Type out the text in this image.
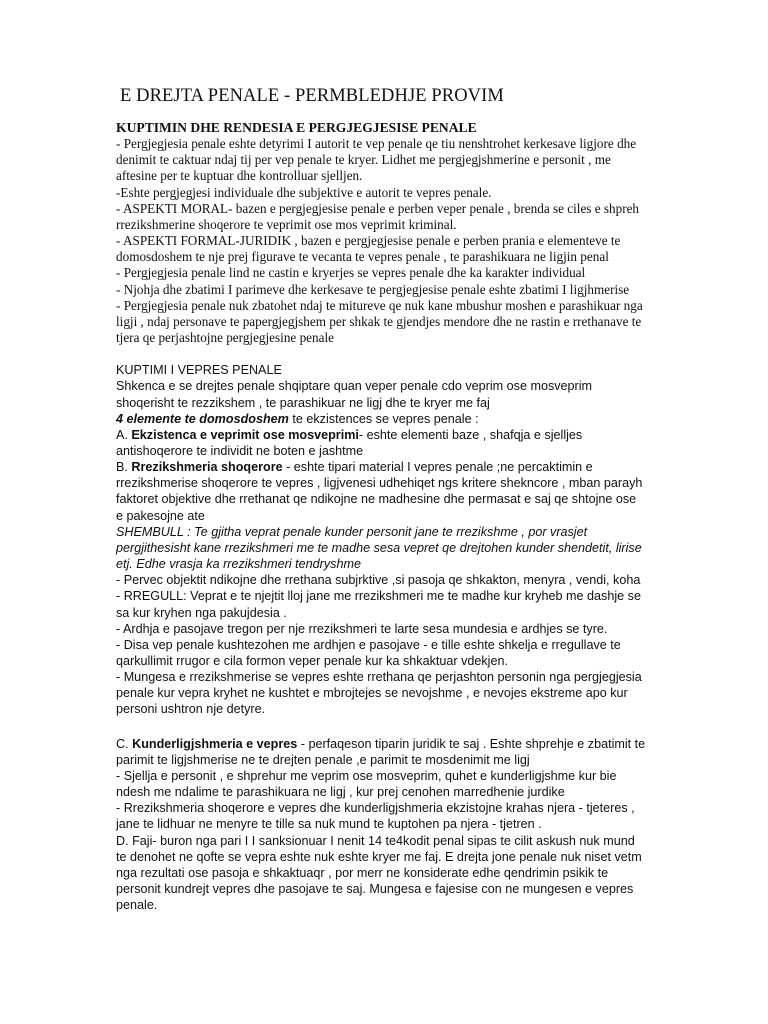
E DREJTA PENALE - PERMBLEDHJE PROVIM

KUPTIMIN DHE RENDESIA E PERGJEGJESISE PENALE

- Pergjegjesia penale eshte detyrimi I autorit te vep penale qe tiu nenshtrohet kerkesave ligjore dhe denimit te caktuar ndaj tij per vep penale te kryer. Lidhet me pergjegjshmerine e personit , me aftesine per te kuptuar dhe kontrolluar sjelljen.

-Eshte pergjegjesi individuale dhe subjektive e autorit te vepres penale.

- ASPEKTI MORAL- bazen e pergjegjesise penale e perben veper penale , brenda se ciles e shpreh rrezikshmerine shoqerore te veprimit ose mos veprimit kriminal.

- ASPEKTI FORMAL-JURIDIK , bazen e pergjegjesise penale e perben prania e elementeve te domosdoshem te nje prej figurave te vecanta te vepres penale , te parashikuara ne ligjin penal

- Pergjegjesia penale lind ne castin e kryerjes se vepres penale dhe ka karakter individual

- Njohja dhe zbatimi I parimeve dhe kerkesave te pergjegjesise penale eshte zbatimi I ligjhmerise

- Pergjegjesia penale nuk zbatohet ndaj te mitureve qe nuk kane mbushur moshen e parashikuar nga ligji , ndaj personave te papergjegjshem per shkak te gjendjes mendore dhe ne rastin e rrethanave te tjera qe perjashtojne pergjegjesine penale

KUPTIMI I VEPRES PENALE

Shkenca e se drejtes penale shqiptare quan veper penale cdo veprim ose mosveprim shoqerisht te rezzikshem , te parashikuar ne ligj dhe te kryer me faj

4 elemente te domosdoshem te ekzistences se vepres penale :

A. Ekzistenca e veprimit ose mosveprimi- eshte elementi baze , shafqja e sjelljes antishoqerore te individit ne boten e jashtme

B. Rrezikshmeria shoqerore - eshte tipari material I vepres penale ;ne percaktimin e rrezikshmerise shoqerore te vepres , ligjvenesi udhehiqet ngs kritere shekncore , mban parayh faktoret objektive dhe rrethanat qe ndikojne ne madhesine dhe permasat e saj qe shtojne ose e pakesojne ate

SHEMBULL : Te gjitha veprat penale kunder personit jane te rrezikshme , por vrasjet pergjithesisht kane rrezikshmeri me te madhe sesa vepret qe drejtohen kunder shendetit, lirise etj. Edhe vrasja ka rrezikshmeri tendryshme

- Pervec objektit ndikojne dhe rrethana subjrktive ,si pasoja qe shkakton, menyra , vendi, koha

- RREGULL: Veprat e te njejtit lloj jane me rrezikshmeri me te madhe kur kryheb me dashje se sa kur kryhen nga pakujdesia .

- Ardhja e pasojave tregon per nje rrezikshmeri te larte sesa mundesia e ardhjes se tyre.

- Disa vep penale kushtezohen me ardhjen e pasojave - e tille eshte shkelja e rregullave te qarkullimit rrugor e cila formon veper penale kur ka shkaktuar vdekjen.

- Mungesa e rrezikshmerise se vepres eshte rrethana qe perjashton personin nga pergjegjesia penale kur vepra kryhet ne kushtet e mbrojtejes se nevojshme , e nevojes ekstreme apo kur personi ushtron nje detyre.

C. Kunderligjshmeria e vepres - perfaqeson tiparin juridik te saj . Eshte shprehje e zbatimit te parimit te ligjshmerise ne te drejten penale ,e parimit te mosdenimit me ligj

- Sjellja e personit , e shprehur me veprim ose mosveprim, quhet e kunderligjshme kur bie ndesh me ndalime te parashikuara ne ligj , kur prej cenohen marredhenie jurdike

- Rrezikshmeria shoqerore e vepres dhe kunderligjshmeria ekzistojne krahas njera - tjeteres , jane te lidhuar ne menyre te tille sa nuk mund te kuptohen pa njera - tjetren .

D. Faji- buron nga pari I I sanksionuar I nenit 14 te4kodit penal sipas te cilit askush nuk mund te denohet ne qofte se vepra eshte nuk eshte kryer me faj. E drejta jone penale nuk niset vetm nga rezultati ose pasoja e shkaktuaqr , por merr ne konsiderate edhe qendrimin psikik te personit kundrejt vepres dhe pasojave te saj. Mungesa e fajesise con ne mungesen e vepres penale.
